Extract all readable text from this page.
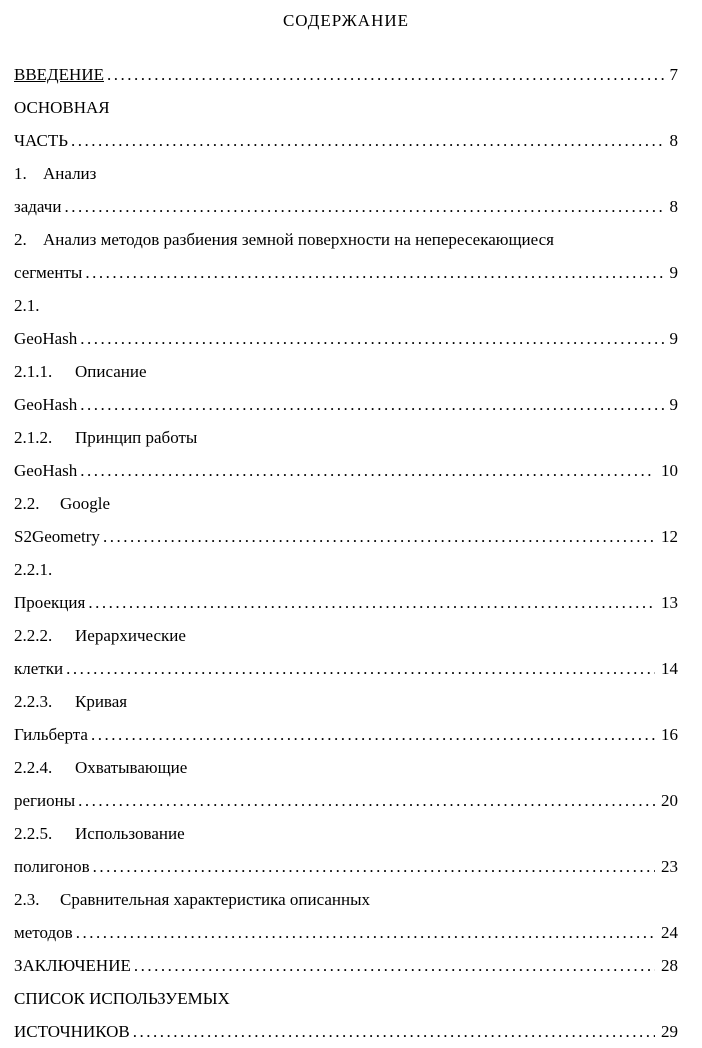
СОДЕРЖАНИЕ
ВВЕДЕНИЕ .....	7
ОСНОВНАЯ ЧАСТЬ .....	8
1. Анализ задачи .....	8
2. Анализ методов разбиения земной поверхности на непересекающиеся сегменты .....	9
2.1.GeoHash .....	9
2.1.1. Описание GeoHash .....	9
2.1.2. Принцип работы GeoHash .....	10
2.2. Google S2Geometry .....	12
2.2.1.Проекция .....	13
2.2.2. Иерархические клетки .....	14
2.2.3. Кривая Гильберта .....	16
2.2.4. Охватывающие регионы .....	20
2.2.5. Использование полигонов .....	23
2.3. Сравнительная характеристика описанных методов .....	24
ЗАКЛЮЧЕНИЕ .....	28
СПИСОК ИСПОЛЬЗУЕМЫХ ИСТОЧНИКОВ .....	29
